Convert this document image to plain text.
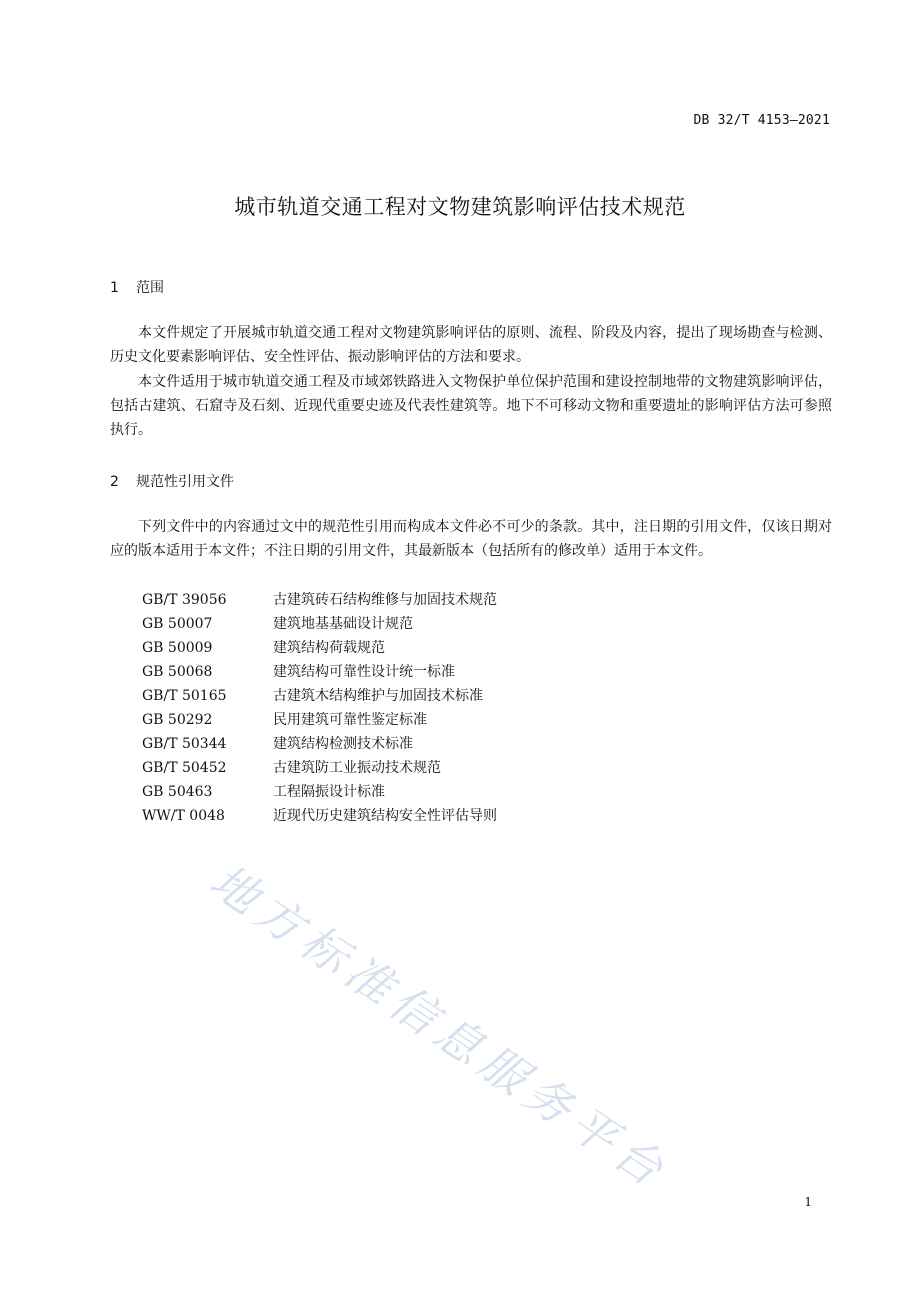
DB 32/T 4153—2021
城市轨道交通工程对文物建筑影响评估技术规范
1 范围

本文件规定了开展城市轨道交通工程对文物建筑影响评估的原则、流程、阶段及内容，提出了现场勘查与检测、历史文化要素影响评估、安全性评估、振动影响评估的方法和要求。

本文件适用于城市轨道交通工程及市域郊铁路进入文物保护单位保护范围和建设控制地带的文物建筑影响评估，包括古建筑、石窟寺及石刻、近现代重要史迹及代表性建筑等。地下不可移动文物和重要遗址的影响评估方法可参照执行。

2 规范性引用文件

下列文件中的内容通过文中的规范性引用而构成本文件必不可少的条款。其中，注日期的引用文件，仅该日期对应的版本适用于本文件；不注日期的引用文件，其最新版本（包括所有的修改单）适用于本文件。

GB/T 39056	古建筑砖石结构维修与加固技术规范
GB 50007	建筑地基基础设计规范
GB 50009	建筑结构荷载规范
GB 50068	建筑结构可靠性设计统一标准
GB/T 50165	古建筑木结构维护与加固技术标准
GB 50292	民用建筑可靠性鉴定标准
GB/T 50344	建筑结构检测技术标准
GB/T 50452	古建筑防工业振动技术规范
GB 50463	工程隔振设计标准
WW/T 0048	近现代历史建筑结构安全性评估导则
地方标准信息服务平台
1
